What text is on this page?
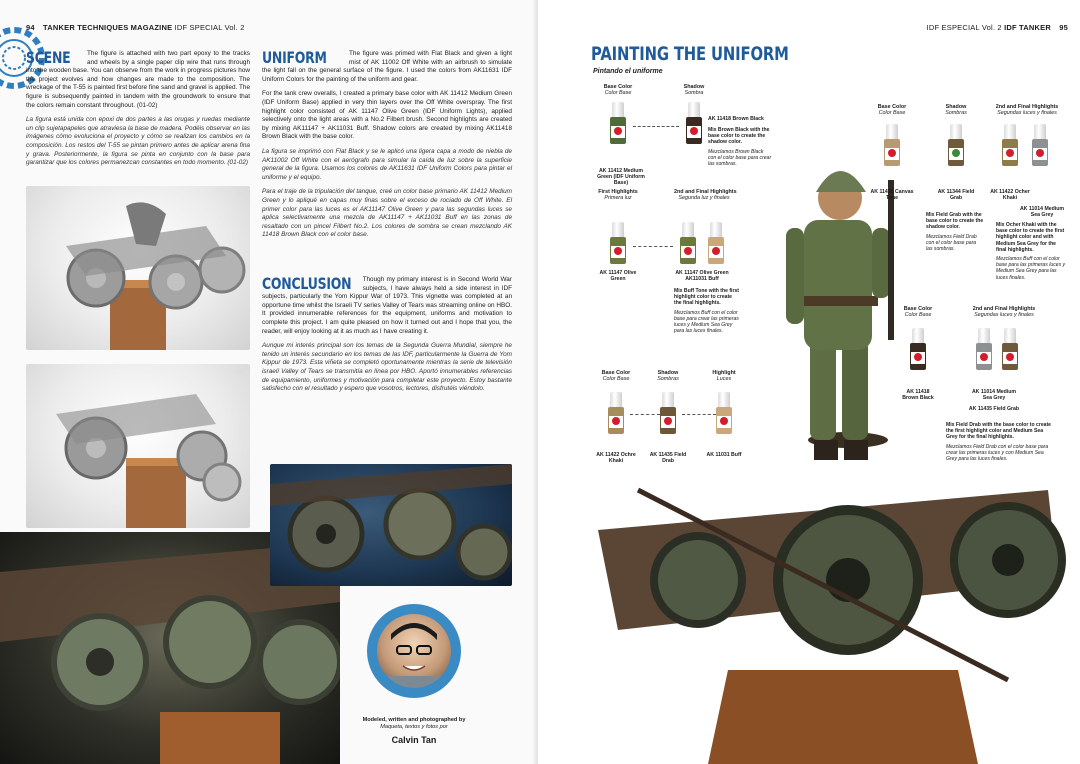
94 TANKER TECHNIQUES MAGAZINE IDF SPECIAL Vol. 2

SCENE	The figure is attached with two part epoxy to the tracks and wheels by a single paper clip wire that runs through into the wooden base. You can observe from the work in progress pictures how the project evolves and how changes are made to the composition. The wreckage of the T-55 is painted first before fine sand and gravel is applied. The figure is subsequently painted in tandem with the groundwork to ensure that the colors remain constant throughout. (01-02)

La figura está unida con epoxi de dos partes a las orugas y ruedas mediante un clip sujetapapeles que atraviesa la base de madera. Podéis observar en las imágenes cómo evoluciona el proyecto y cómo se realizan los cambios en la composición. Los restos del T-55 se pintan primero antes de aplicar arena fina y grava. Posteriormente, la figura se pinta en conjunto con la base para garantizar que los colores permanezcan constantes en todo momento. (01-02)

01
02

UNIFORM	The figure was primed with Flat Black and given a light mist of AK 11002 Off White with an airbrush to simulate the light fall on the general surface of the figure. I used the colors from AK11631 IDF Uniform Colors for the painting of the uniform and gear.

For the tank crew overalls, I created a primary base color with AK 11412 Medium Green (IDF Uniform Base) applied in very thin layers over the Off White overspray. The first highlight color consisted of AK 11147 Olive Green (IDF Uniform Lights), applied selectively onto the light areas with a No.2 Filbert brush. Second highlights are created by mixing AK11147 + AK11031 Buff. Shadow colors are created by mixing AK11418 Brown Black with the base color.

La figura se imprimó con Flat Black y se le aplicó una ligera capa a modo de niebla de AK11002 Off White con el aerógrafo para simular la caída de luz sobre la superficie general de la figura. Usamos los colores de AK11631 IDF Uniform Colors para pintar el uniforme y el equipo.

Para el traje de la tripulación del tanque, creé un color base primario AK 11412 Medium Green y lo apliqué en capas muy finas sobre el exceso de rociado de Off White. El primer color para las luces es el AK11147 Olive Green y para las segundas luces se aplica selectivamente una mezcla de AK11147 + AK11031 Buff en las zonas de resaltado con un pincel Filbert No.2. Los colores de sombra se crean mezclando AK 11418 Brown Black con el color base.

CONCLUSION Though my primary interest is in Second World War subjects, I have always held a side interest in IDF subjects, particularly the Yom Kippur War of 1973. This vignette was completed at an opportune time whilst the Israeli TV series Valley of Tears was streaming online on HBO. It provided innumerable references for the equipment, uniforms and motivation to complete this project. I am quite pleased on how it turned out and I hope that you, the reader, will enjoy looking at it as much as I have creating it.

Aunque mi interés principal son los temas de la Segunda Guerra Mundial, siempre he tenido un interés secundario en los temas de las IDF, particularmente la Guerra de Yom Kippur de 1973. Esta viñeta se completó oportunamente mientras la serie de televisión israelí Valley of Tears se transmitía en línea por HBO. Aportó innumerables referencias de equipamiento, uniformes y motivación para completar este proyecto. Estoy bastante satisfecho con el resultado y espero que vosotros, lectores, disfrutéis viéndolo.

Modeled, written and photographed by
Maqueta, textos y fotos por
Calvin Tan
IDF ESPECIAL Vol. 2 IDF TANKER 95
PAINTING THE UNIFORM
Pintando el uniforme
Base Color
Color Base
Shadow
Sombra
AK 11412 Medium Green (IDF Uniform Base)
AK 11418 Brown Black
Mix Brown Black with the base color to create the shadow color.
Mezclamos Brown Black con el color base para crear las sombras.
First Highlights
Primera luz
2nd and Final Highlights
Segunda luz y finales
AK 11147 Olive Green
AK 11147 Olive Green AK11031 Buff
Mix Buff Tone with the first highlight color to create the final highlights.
Mezclamos Buff con el color base para crear las primeras luces y Medium Sea Grey para las luces finales.
Base Color
Color Base
Shadow
Sombras
2nd and Final Highlights
Segundas luces y finales
AK 11435 Canvas Tone
AK 11344 Field Grab
AK 11422 Ocher Khaki
AK 11014 Medium Sea Grey
Mix Field Grab with the base color to create the shadow color.
Mezclamos Field Drab con el color base para las sombras.
Mix Ocher Khaki with the base color to create the first highlight color and with Medium Sea Grey for the final highlights.
Mezclamos Buff con el color base para las primeras luces y Medium Sea Grey para las luces finales.
Base Color
Color Base
2nd and Final Highlights
Segundas luces y finales
AK 11418 Brown Black
AK 11014 Medium Sea Grey
AK 11435 Field Grab
Mix Field Drab with the base color to create the first highlight color and Medium Sea Grey for the final highlights.
Mezclamos Field Drab con el color base para crear las primeras luces y con Medium Sea Grey para las luces finales.
Base Color
Color Base
Shadow
Sombras
Highlight
Luces
AK 11422 Ochre Khaki
AK 11435 Field Drab
AK 11031 Buff
